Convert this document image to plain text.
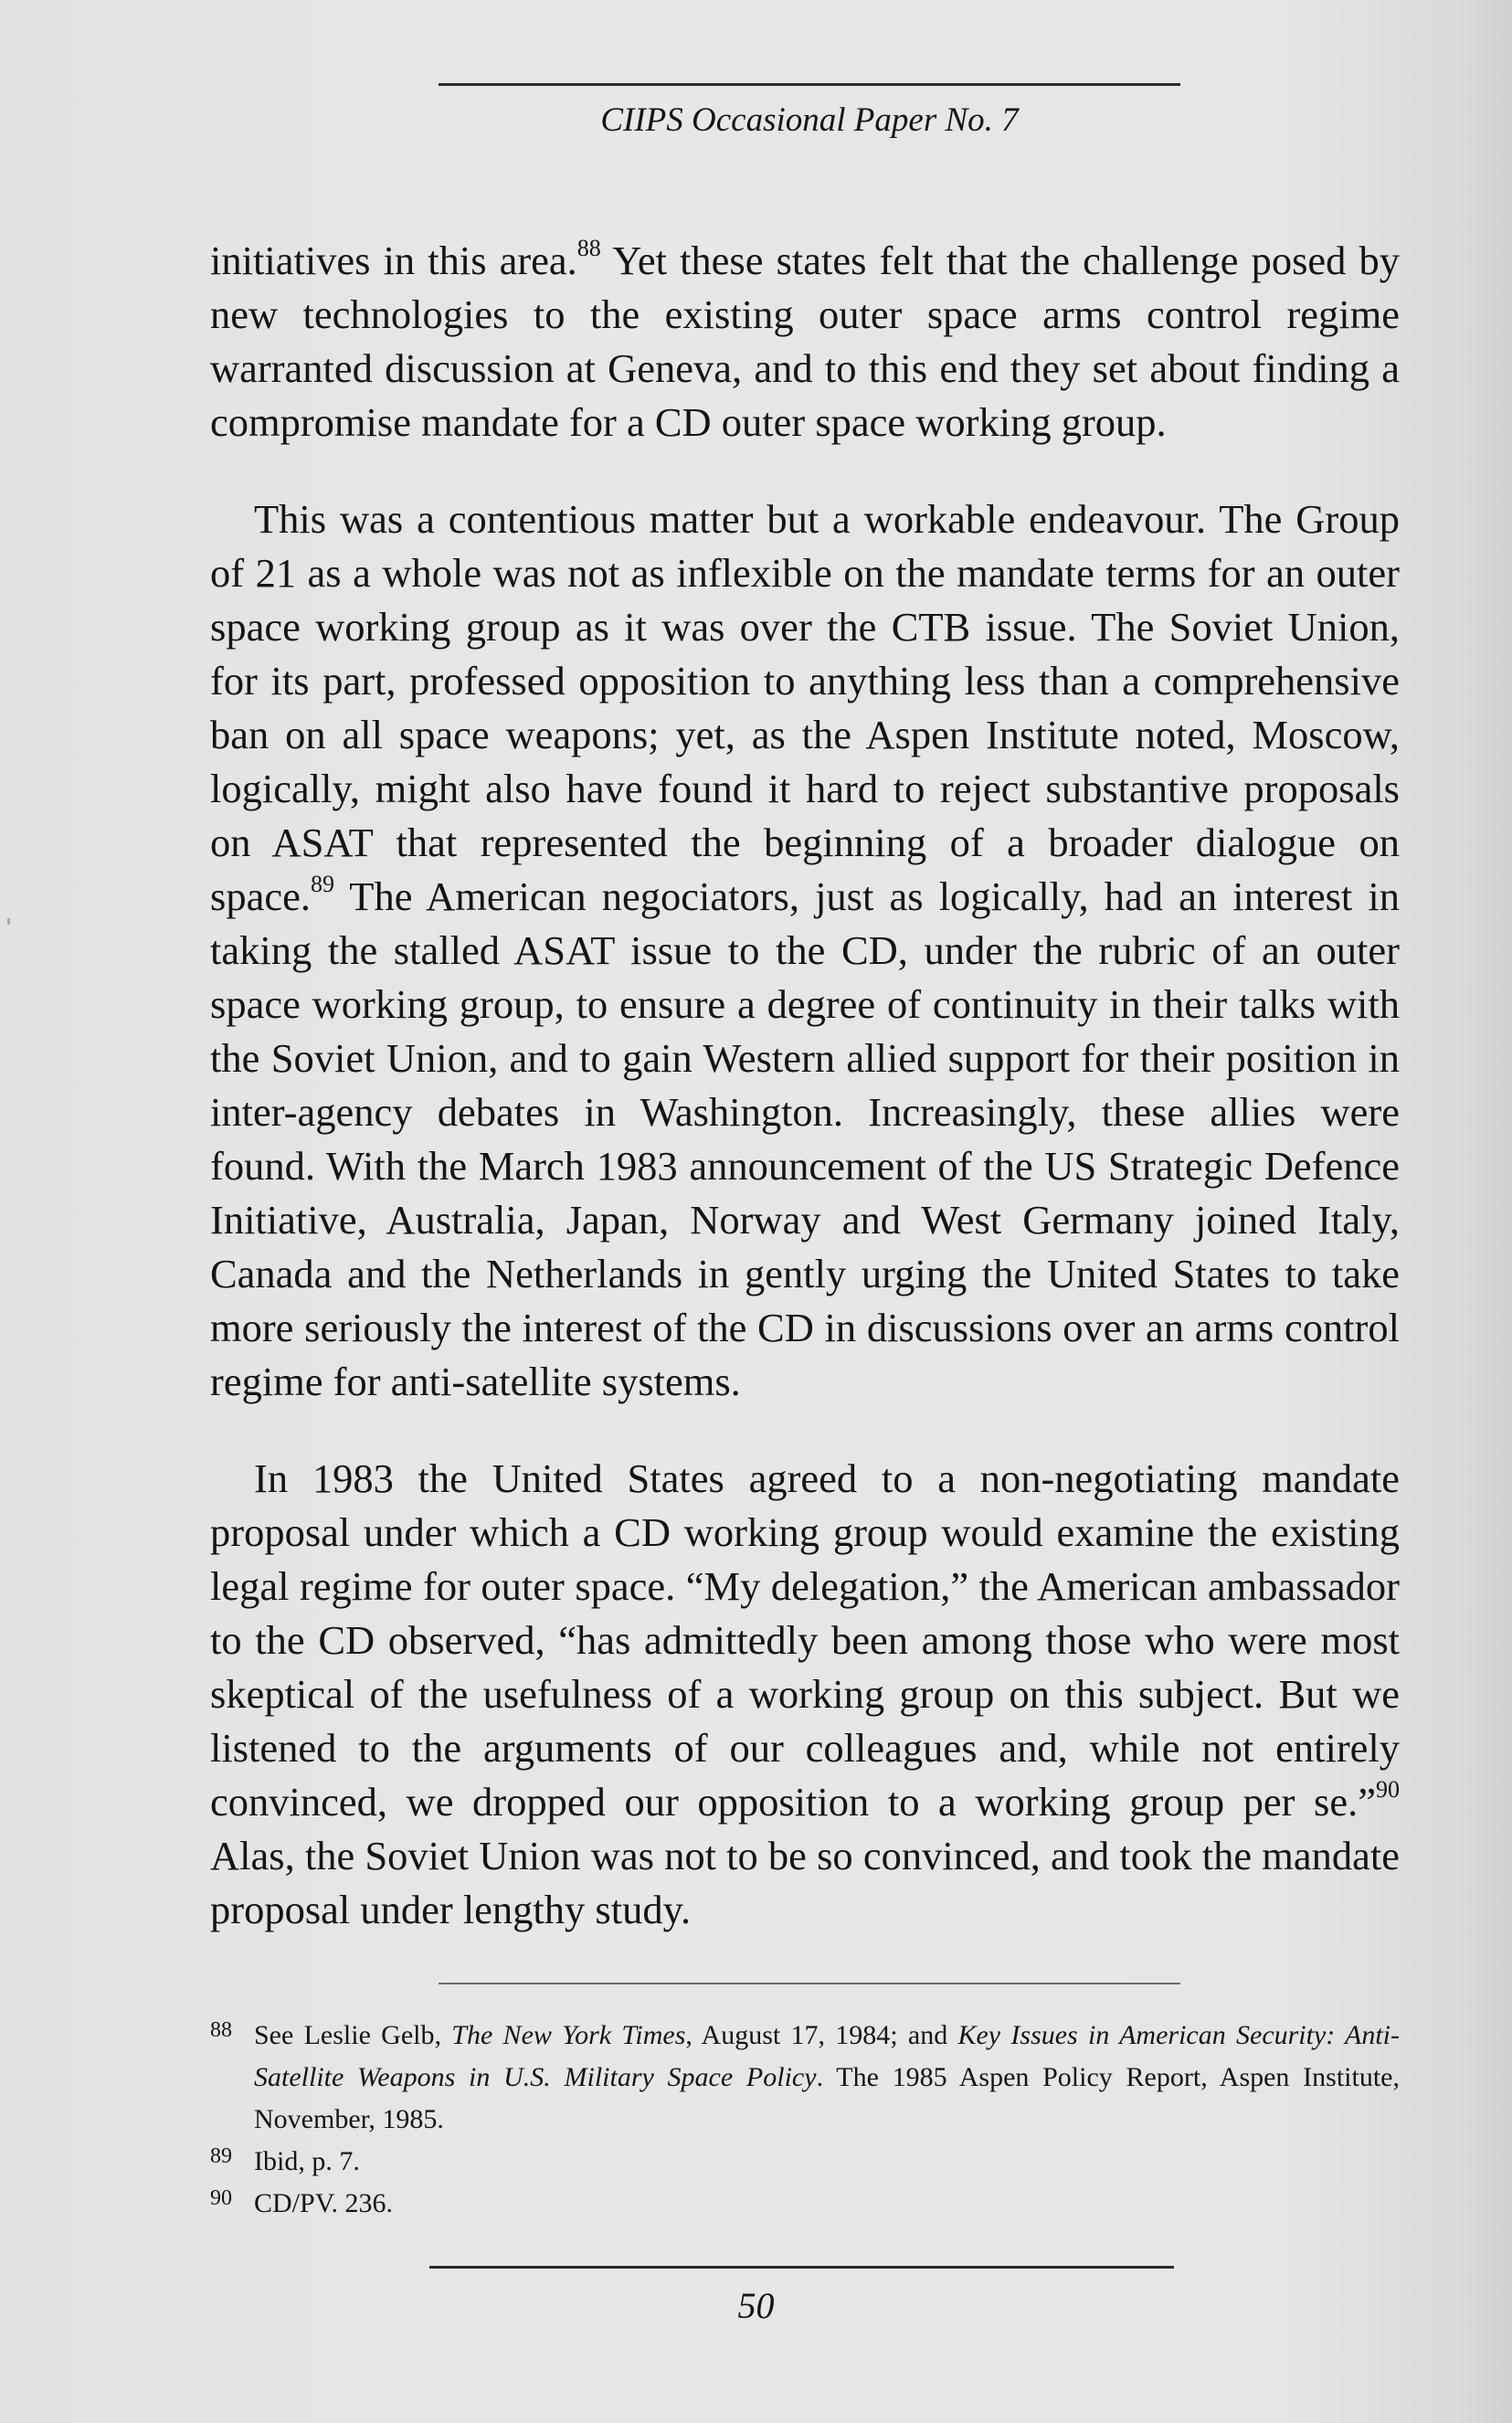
CIIPS Occasional Paper No. 7

initiatives in this area.$^{88}$ Yet these states felt that the challenge posed by new technologies to the existing outer space arms control regime warranted discussion at Geneva, and to this end they set about finding a compromise mandate for a CD outer space working group.

This was a contentious matter but a workable endeavour. The Group of 21 as a whole was not as inflexible on the mandate terms for an outer space working group as it was over the CTB issue. The Soviet Union, for its part, professed opposition to anything less than a comprehensive ban on all space weapons; yet, as the Aspen Institute noted, Moscow, logically, might also have found it hard to reject substantive proposals on ASAT that represented the beginning of a broader dialogue on space.$^{89}$ The American negociators, just as logically, had an interest in taking the stalled ASAT issue to the CD, under the rubric of an outer space working group, to ensure a degree of continuity in their talks with the Soviet Union, and to gain Western allied support for their position in inter-agency debates in Washington. Increasingly, these allies were found. With the March 1983 announcement of the US Strategic Defence Initiative, Australia, Japan, Norway and West Germany joined Italy, Canada and the Netherlands in gently urging the United States to take more seriously the interest of the CD in discussions over an arms control regime for anti-satellite systems.

In 1983 the United States agreed to a non-negotiating mandate proposal under which a CD working group would examine the existing legal regime for outer space. “My delegation,” the American ambassador to the CD observed, “has admittedly been among those who were most skeptical of the usefulness of a working group on this subject. But we listened to the arguments of our colleagues and, while not entirely convinced, we dropped our opposition to a working group per se.”$^{90}$ Alas, the Soviet Union was not to be so convinced, and took the mandate proposal under lengthy study.

88 See Leslie Gelb, The New York Times, August 17, 1984; and Key Issues in American Security: Anti-Satellite Weapons in U.S. Military Space Policy. The 1985 Aspen Policy Report, Aspen Institute, November, 1985.
89 Ibid, p. 7.
90 CD/PV. 236.
50
